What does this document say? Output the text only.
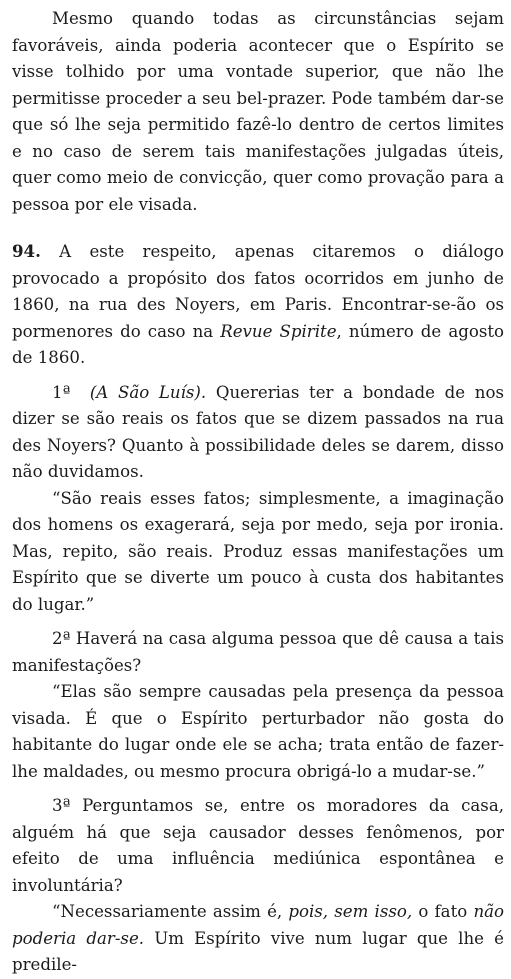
Mesmo quando todas as circunstâncias sejam favoráveis, ainda poderia acontecer que o Espírito se visse tolhido por uma vontade superior, que não lhe permitisse proceder a seu bel-prazer. Pode também dar-se que só lhe seja permitido fazê-lo dentro de certos limites e no caso de serem tais manifestações julgadas úteis, quer como meio de convicção, quer como provação para a pessoa por ele visada.

94. A este respeito, apenas citaremos o diálogo provocado a propósito dos fatos ocorridos em junho de 1860, na rua des Noyers, em Paris. Encontrar-se-ão os pormenores do caso na Revue Spirite, número de agosto de 1860.

1ª (A São Luís). Quererias ter a bondade de nos dizer se são reais os fatos que se dizem passados na rua des Noyers? Quanto à possibilidade deles se darem, disso não duvidamos.

“São reais esses fatos; simplesmente, a imaginação dos homens os exagerará, seja por medo, seja por ironia. Mas, repito, são reais. Produz essas manifestações um Espírito que se diverte um pouco à custa dos habitantes do lugar.”

2ª Haverá na casa alguma pessoa que dê causa a tais manifestações?

“Elas são sempre causadas pela presença da pessoa visada. É que o Espírito perturbador não gosta do habitante do lugar onde ele se acha; trata então de fazer-lhe maldades, ou mesmo procura obrigá-lo a mudar-se.”

3ª Perguntamos se, entre os moradores da casa, alguém há que seja causador desses fenômenos, por efeito de uma influência mediúnica espontânea e involuntária?

“Necessariamente assim é, pois, sem isso, o fato não poderia dar-se. Um Espírito vive num lugar que lhe é predile-
